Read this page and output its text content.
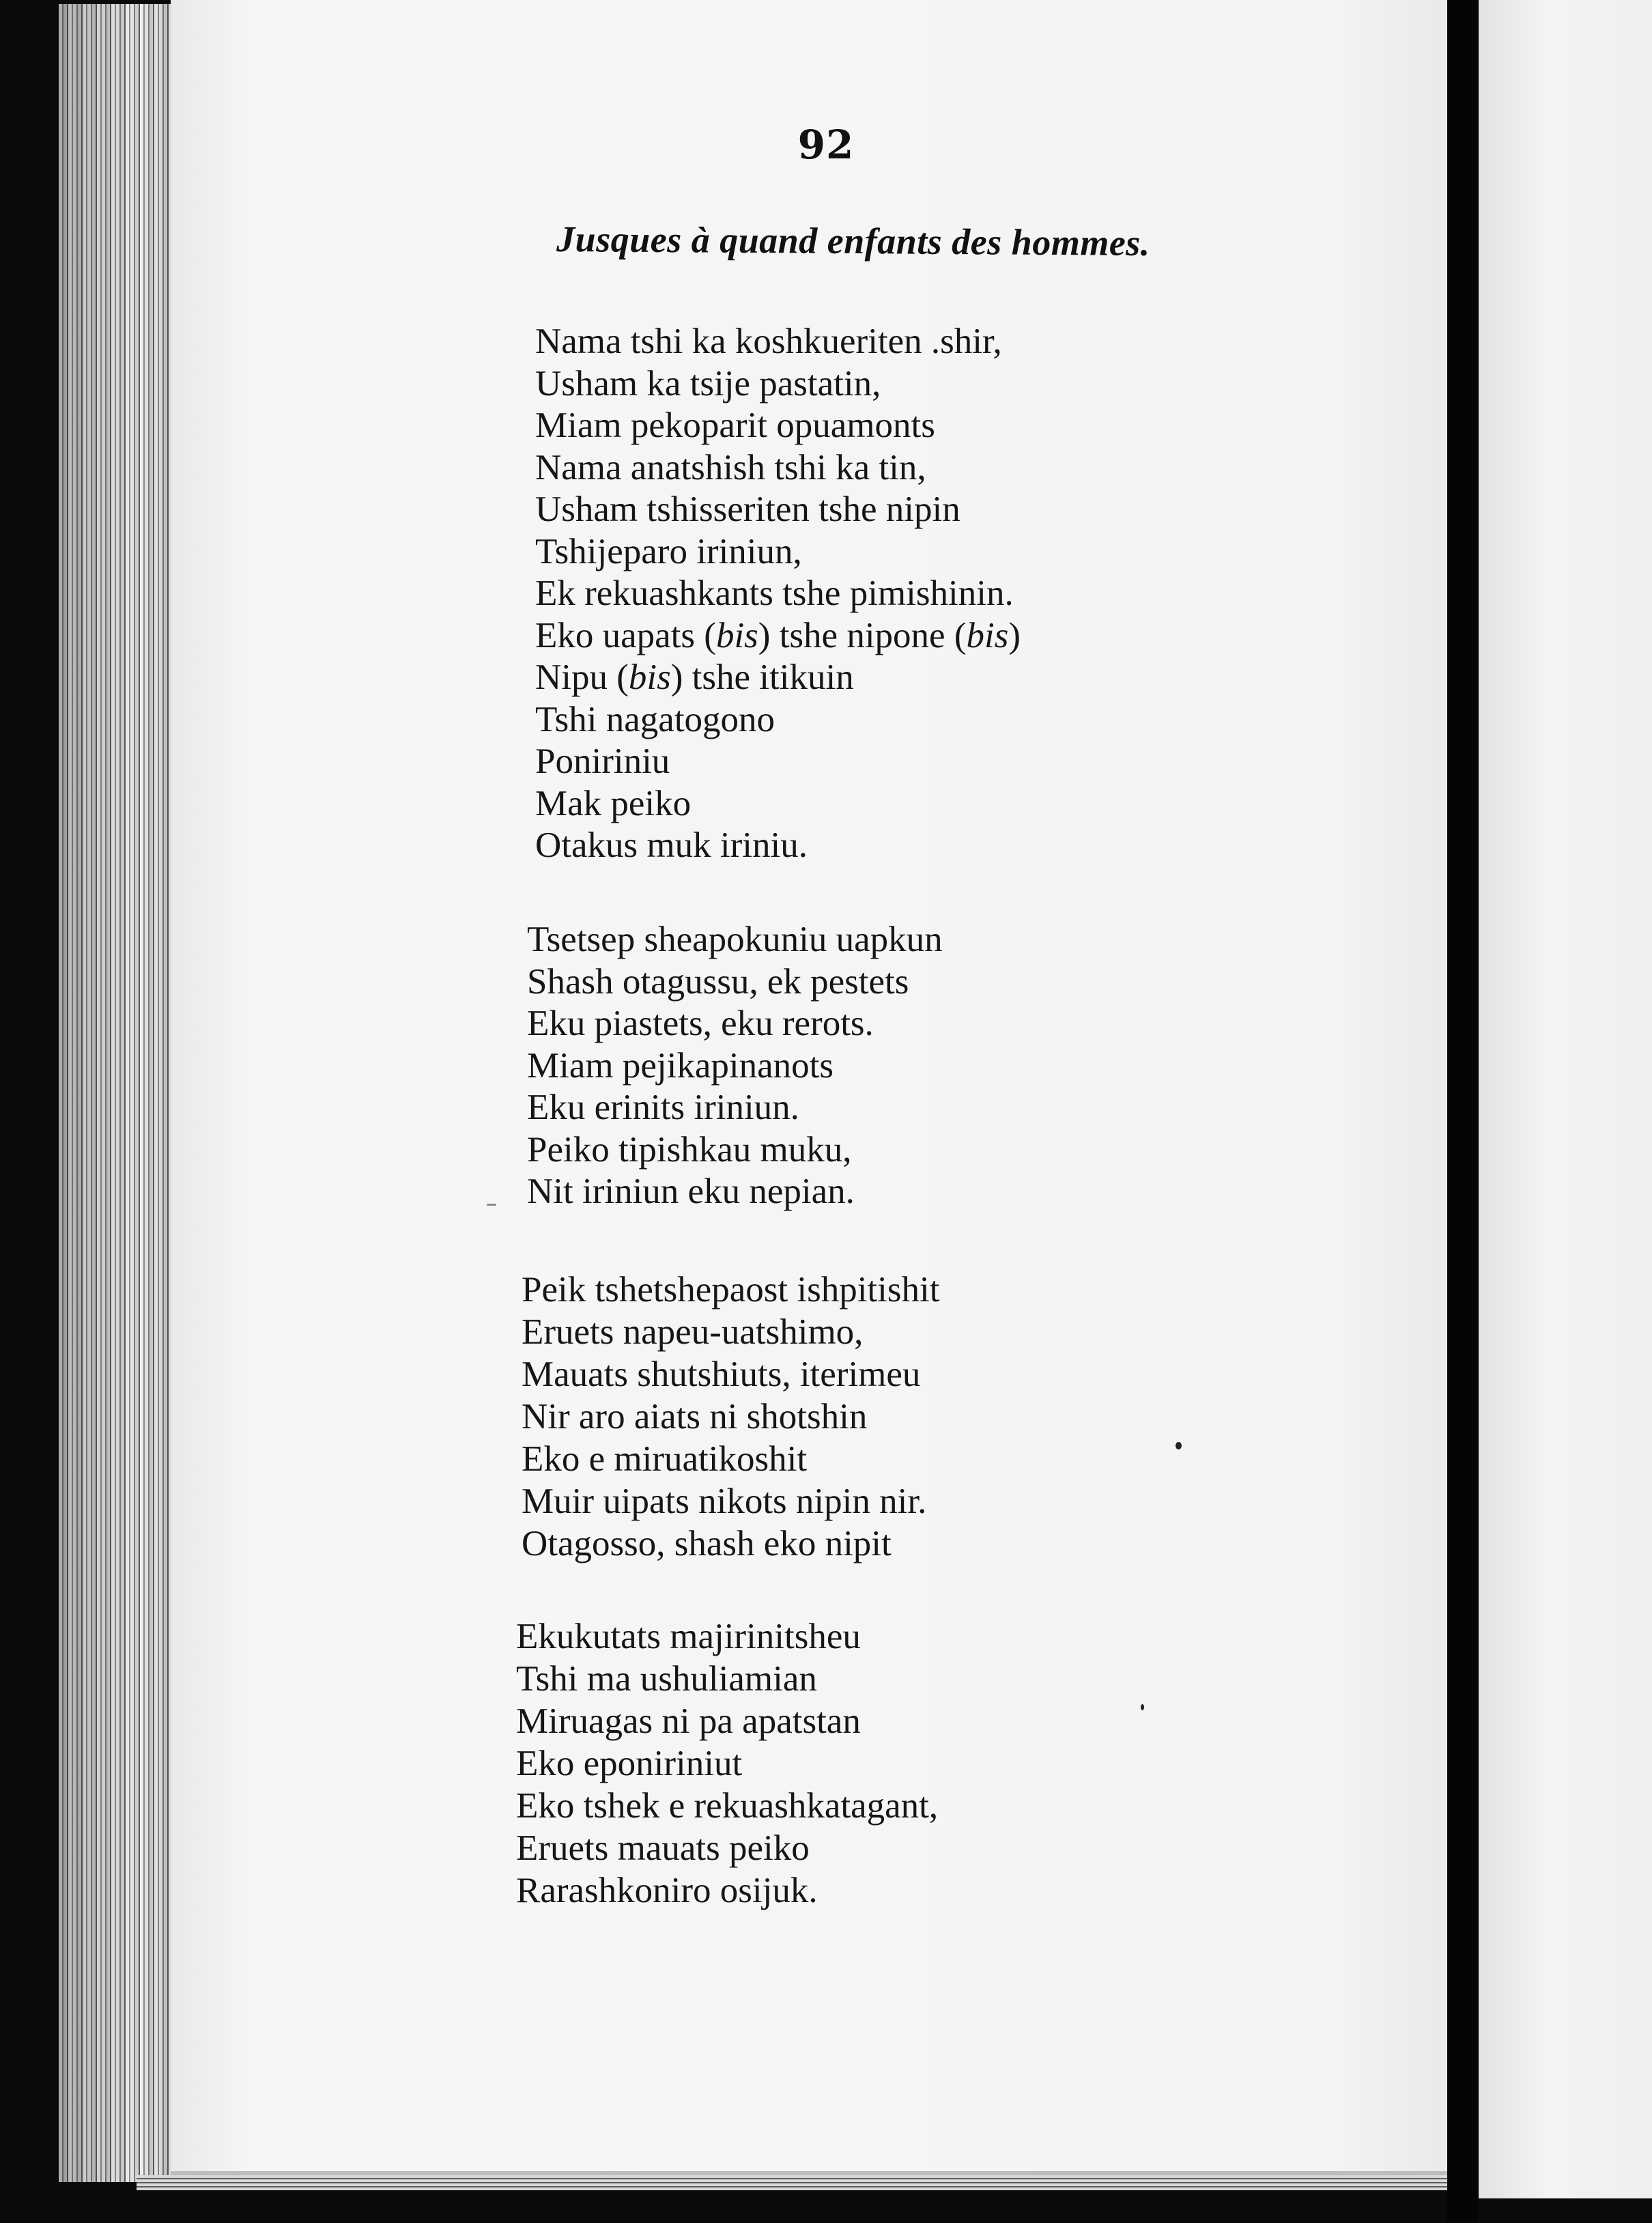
92
Jusques à quand enfants des hommes.
Nama tshi ka koshkueriten .shir,
Usham ka tsije pastatin,
Miam pekoparit opuamonts
Nama anatshish tshi ka tin,
Usham tshisseriten tshe nipin
Tshijeparo iriniun,
Ek rekuashkants tshe pimishinin.
Eko uapats (bis) tshe nipone (bis)
Nipu (bis) tshe itikuin
Tshi nagatogono
Poniriniu
Mak peiko
Otakus muk iriniu.
Tsetsep sheapokuniu uapkun
Shash otagussu, ek pestets
Eku piastets, eku rerots.
Miam pejikapinanots
Eku erinits iriniun.
Peiko tipishkau muku,
Nit iriniun eku nepian.
Peik tshetshepaost ishpitishit
Eruets napeu-uatshimo,
Mauats shutshiuts, iterimeu
Nir aro aiats ni shotshin
Eko e miruatikoshit
Muir uipats nikots nipin nir.
Otagosso, shash eko nipit
Ekukutats majirinitsheu
Tshi ma ushuliamian
Miruagas ni pa apatstan
Eko eponiriniut
Eko tshek e rekuashkatagant,
Eruets mauats peiko
Rarashkoniro osijuk.
